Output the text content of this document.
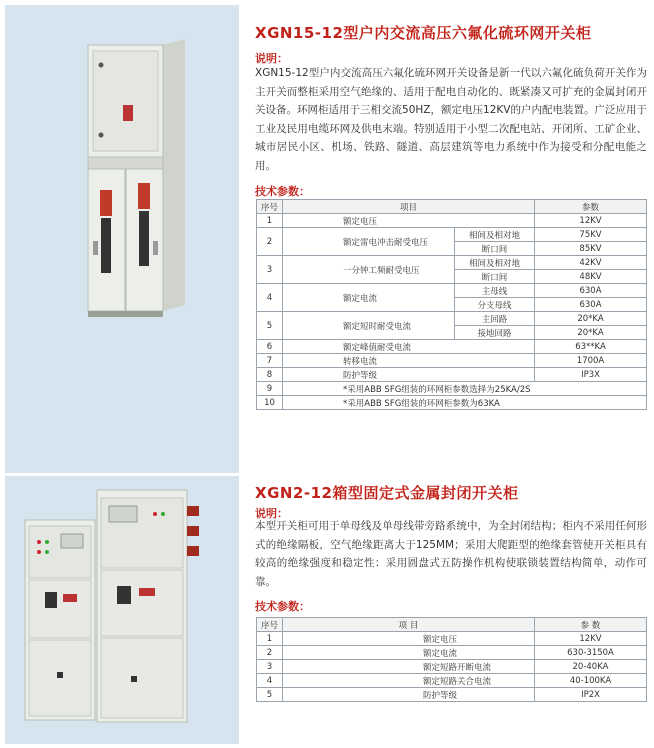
XGN15-12型户内交流高压六氟化硫环网开关柜
说明：
XGN15-12型户内交流高压六氟化硫环网开关设备是新一代以六氟化硫负荷开关作为主开关而整柜采用空气绝缘的、适用于配电自动化的、既紧凑又可扩充的金属封闭开关设备。环网柜适用于三相交流50HZ，额定电压12KV的户内配电装置。广泛应用于工业及民用电缆环网及供电末端。特别适用于小型二次配电站、开闭所、工矿企业、城市居民小区、机场、铁路、隧道、高层建筑等电力系统中作为接受和分配电能之用。
技术参数：
序号	项目		参数
1	额定电压		12KV
2	额定雷电冲击耐受电压	相间及相对地	75KV
		断口间	85KV
3	一分钟工频耐受电压	相间及相对地	42KV
		断口间	48KV
4	额定电流	主母线	630A
		分支母线	630A
5	额定短时耐受电流	主回路	20*KA
		接地回路	20*KA
6	额定峰值耐受电流		63**KA
7	转移电流		1700A
8	防护等级		IP3X
9	*采用ABB SFG组装的环网柜参数选择为25KA/2S		
10	*采用ABB SFG组装的环网柜参数为63KA		
XGN2-12箱型固定式金属封闭开关柜
说明：
本型开关柜可用于单母线及单母线带旁路系统中，为全封闭结构；柜内不采用任何形式的绝缘隔板，空气绝缘距离大于125MM；采用大爬距型的绝缘套管使开关柜具有较高的绝缘强度和稳定性：采用圆盘式五防操作机构使联锁装置结构简单，动作可靠。
技术参数：
序号	项 目	参 数
1	额定电压	12KV
2	额定电流	630-3150A
3	额定短路开断电流	20-40KA
4	额定短路关合电流	40-100KA
5	防护等级	IP2X
